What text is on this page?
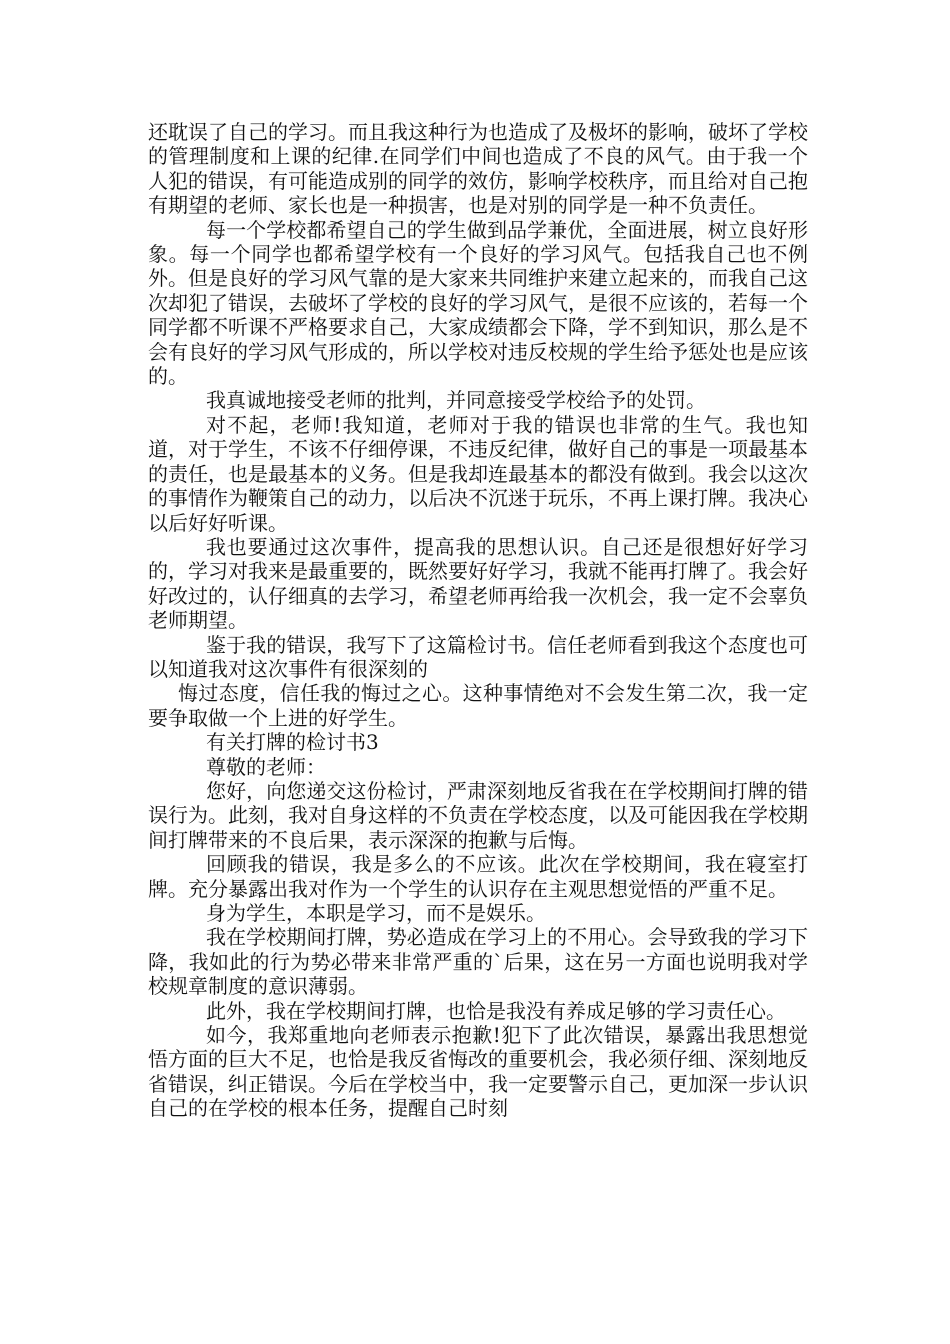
还耽误了自己的学习。而且我这种行为也造成了及极坏的影响，破坏了学校的管理制度和上课的纪律.在同学们中间也造成了不良的风气。由于我一个人犯的错误，有可能造成别的同学的效仿，影响学校秩序，而且给对自己抱有期望的老师、家长也是一种损害，也是对别的同学是一种不负责任。

每一个学校都希望自己的学生做到品学兼优，全面进展，树立良好形象。每一个同学也都希望学校有一个良好的学习风气。包括我自己也不例外。但是良好的学习风气靠的是大家来共同维护来建立起来的，而我自己这次却犯了错误，去破坏了学校的良好的学习风气，是很不应该的，若每一个同学都不听课不严格要求自己，大家成绩都会下降，学不到知识，那么是不会有良好的学习风气形成的，所以学校对违反校规的学生给予惩处也是应该的。

我真诚地接受老师的批判，并同意接受学校给予的处罚。

对不起，老师!我知道，老师对于我的错误也非常的生气。我也知道，对于学生，不该不仔细停课，不违反纪律，做好自己的事是一项最基本的责任，也是最基本的义务。但是我却连最基本的都没有做到。我会以这次的事情作为鞭策自己的动力，以后决不沉迷于玩乐，不再上课打牌。我决心以后好好听课。

我也要通过这次事件，提高我的思想认识。自己还是很想好好学习的，学习对我来是最重要的，既然要好好学习，我就不能再打牌了。我会好好改过的，认仔细真的去学习，希望老师再给我一次机会，我一定不会辜负老师期望。

鉴于我的错误，我写下了这篇检讨书。信任老师看到我这个态度也可以知道我对这次事件有很深刻的

悔过态度，信任我的悔过之心。这种事情绝对不会发生第二次，我一定要争取做一个上进的好学生。

有关打牌的检讨书3

尊敬的老师：

您好，向您递交这份检讨，严肃深刻地反省我在在学校期间打牌的错误行为。此刻，我对自身这样的不负责在学校态度，以及可能因我在学校期间打牌带来的不良后果，表示深深的抱歉与后悔。

回顾我的错误，我是多么的不应该。此次在学校期间，我在寝室打牌。充分暴露出我对作为一个学生的认识存在主观思想觉悟的严重不足。

身为学生，本职是学习，而不是娱乐。

我在学校期间打牌，势必造成在学习上的不用心。会导致我的学习下降，我如此的行为势必带来非常严重的`后果，这在另一方面也说明我对学校规章制度的意识薄弱。

此外，我在学校期间打牌，也恰是我没有养成足够的学习责任心。

如今，我郑重地向老师表示抱歉!犯下了此次错误，暴露出我思想觉悟方面的巨大不足，也恰是我反省悔改的重要机会，我必须仔细、深刻地反省错误，纠正错误。今后在学校当中，我一定要警示自己，更加深一步认识自己的在学校的根本任务，提醒自己时刻
